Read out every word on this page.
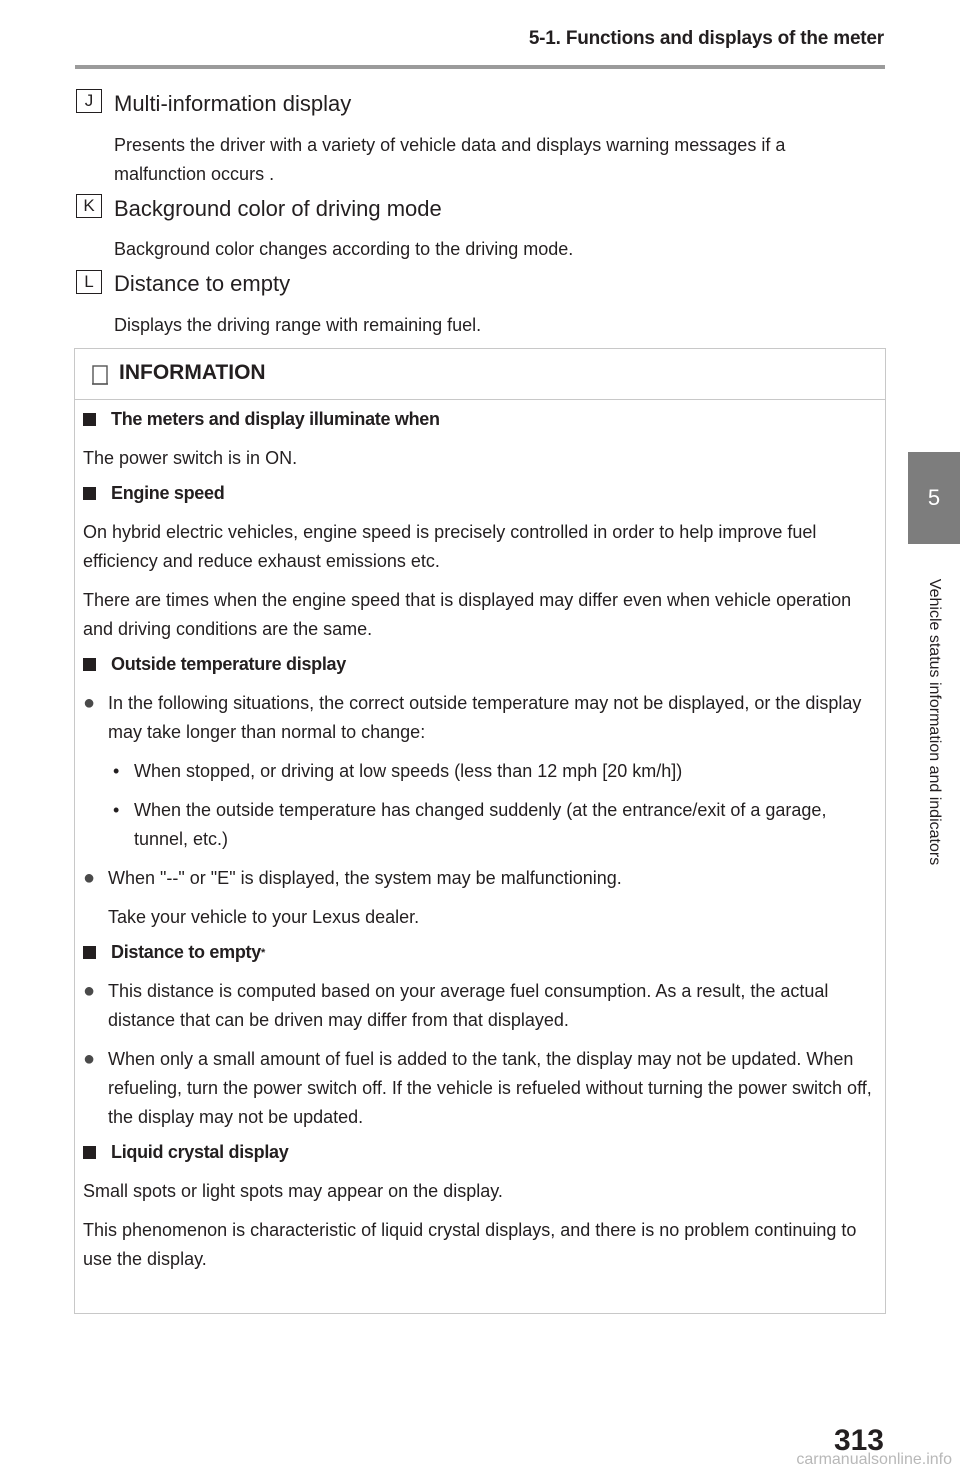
5-1. Functions and displays of the meter
5
Vehicle status information and indicators
J Multi-information display
Presents the driver with a variety of vehicle data and displays warning messages if a malfunction occurs .
K Background color of driving mode
Background color changes according to the driving mode.
L Distance to empty
Displays the driving range with remaining fuel.
INFORMATION
The meters and display illuminate when

The power switch is in ON.

Engine speed

On hybrid electric vehicles, engine speed is precisely controlled in order to help improve fuel efficiency and reduce exhaust emissions etc.

There are times when the engine speed that is displayed may differ even when vehicle operation and driving conditions are the same.

Outside temperature display
● In the following situations, the correct outside temperature may not be displayed, or the display may take longer than normal to change:
• When stopped, or driving at low speeds (less than 12 mph [20 km/h])
• When the outside temperature has changed suddenly (at the entrance/exit of a garage, tunnel, etc.)
● When "--" or "E" is displayed, the system may be malfunctioning.

Take your vehicle to your Lexus dealer.

Distance to empty *
● This distance is computed based on your average fuel consumption. As a result, the actual distance that can be driven may differ from that displayed.
● When only a small amount of fuel is added to the tank, the display may not be updated. When refueling, turn the power switch off. If the vehicle is refueled without turning the power switch off, the display may not be updated.
Liquid crystal display

Small spots or light spots may appear on the display.

This phenomenon is characteristic of liquid crystal displays, and there is no problem continuing to use the display.

313
carmanualsonline.info
